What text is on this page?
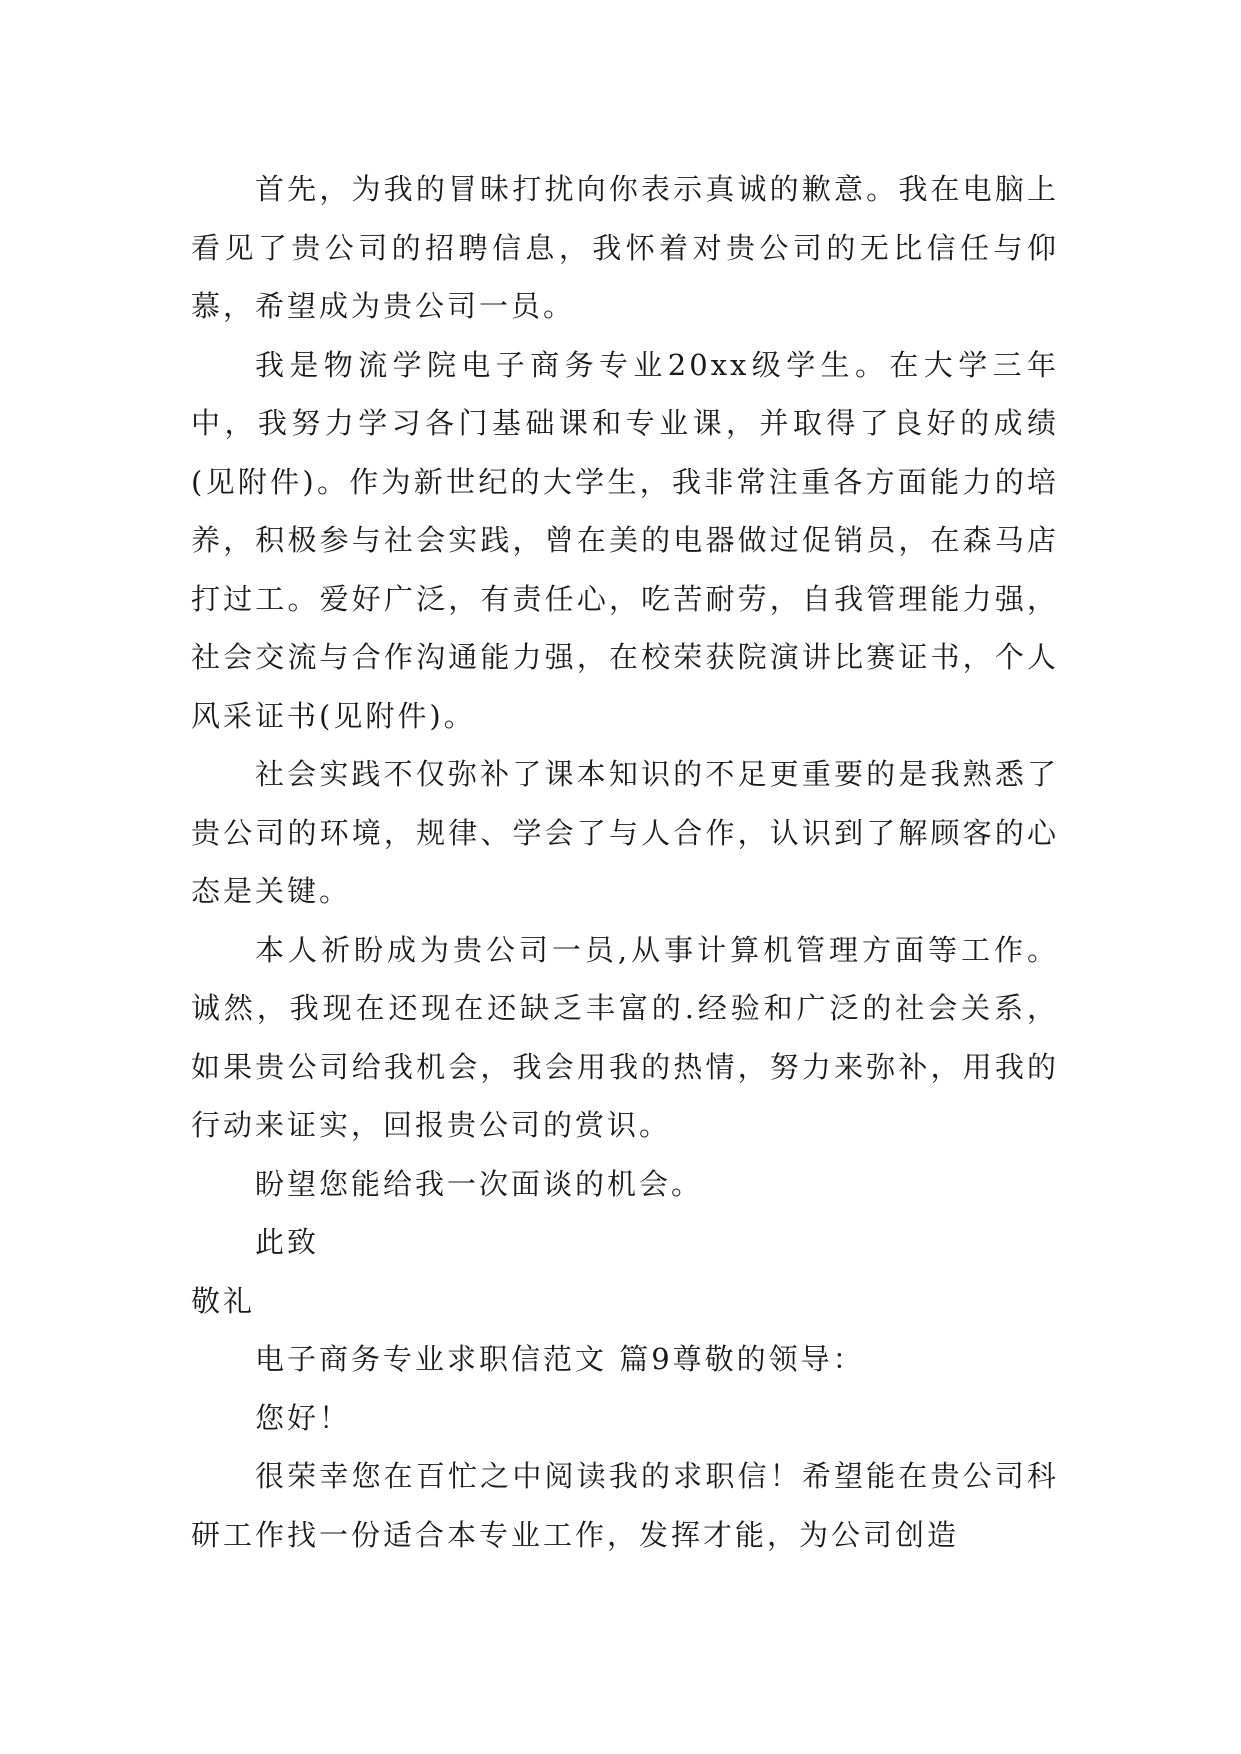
首先，为我的冒昧打扰向你表示真诚的歉意。我在电脑上看见了贵公司的招聘信息，我怀着对贵公司的无比信任与仰慕，希望成为贵公司一员。

我是物流学院电子商务专业20xx级学生。在大学三年中，我努力学习各门基础课和专业课，并取得了良好的成绩(见附件)。作为新世纪的大学生，我非常注重各方面能力的培养，积极参与社会实践，曾在美的电器做过促销员，在森马店打过工。爱好广泛，有责任心，吃苦耐劳，自我管理能力强，社会交流与合作沟通能力强，在校荣获院演讲比赛证书，个人风采证书(见附件)。

社会实践不仅弥补了课本知识的不足更重要的是我熟悉了贵公司的环境，规律、学会了与人合作，认识到了解顾客的心态是关键。

本人祈盼成为贵公司一员,从事计算机管理方面等工作。诚然，我现在还现在还缺乏丰富的.经验和广泛的社会关系，如果贵公司给我机会，我会用我的热情，努力来弥补，用我的行动来证实，回报贵公司的赏识。

盼望您能给我一次面谈的机会。

此致

敬礼

电子商务专业求职信范文 篇9尊敬的领导：

您好！

很荣幸您在百忙之中阅读我的求职信！希望能在贵公司科研工作找一份适合本专业工作，发挥才能，为公司创造
